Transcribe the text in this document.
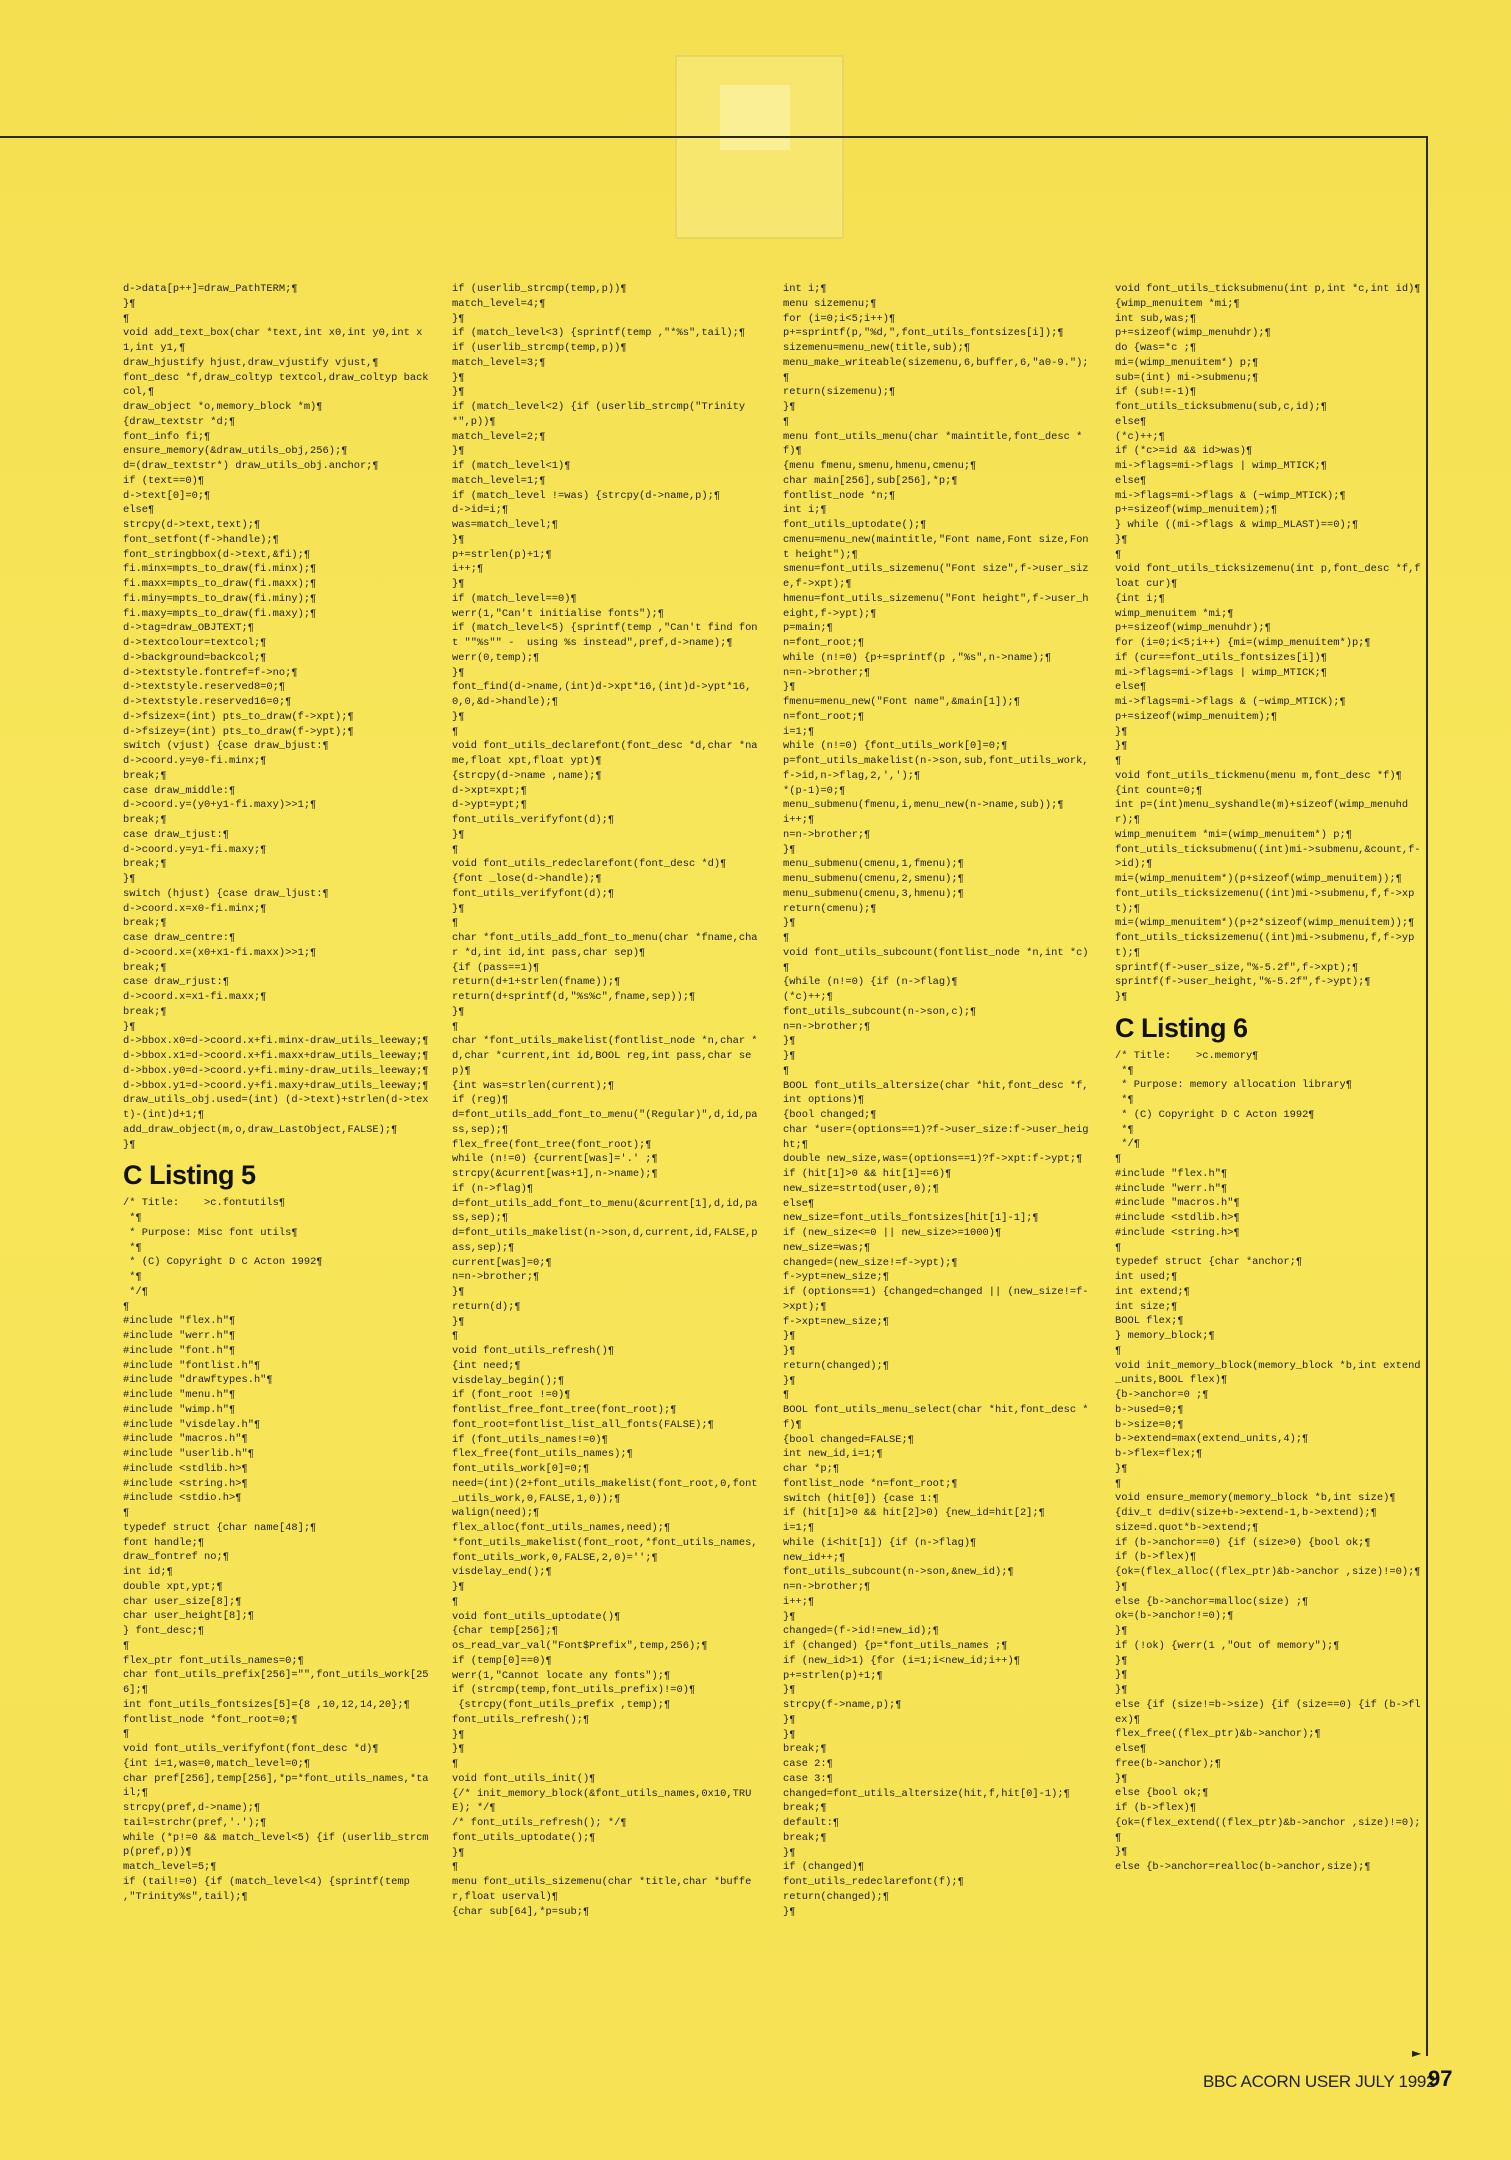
d->data[p++]=draw_PathTERM;¶
}¶
¶
void add_text_box(char *text,int x0,int y0,int x1,int y1,¶
draw_hjustify hjust,draw_vjustify vjust,¶
font_desc *f,draw_coltyp textcol,draw_coltyp backcol,¶
draw_object *o,memory_block *m)¶
{draw_textstr *d;¶
font_info fi;¶
ensure_memory(&draw_utils_obj,256);¶
d=(draw_textstr*) draw_utils_obj.anchor;¶
if (text==0)¶
d->text[0]=0;¶
else¶
strcpy(d->text,text);¶
font_setfont(f->handle);¶
font_stringbbox(d->text,&fi);¶
fi.minx=mpts_to_draw(fi.minx);¶
fi.maxx=mpts_to_draw(fi.maxx);¶
fi.miny=mpts_to_draw(fi.miny);¶
fi.maxy=mpts_to_draw(fi.maxy);¶
d->tag=draw_OBJTEXT;¶
d->textcolour=textcol;¶
d->background=backcol;¶
d->textstyle.fontref=f->no;¶
d->textstyle.reserved8=0;¶
d->textstyle.reserved16=0;¶
d->fsizex=(int) pts_to_draw(f->xpt);¶
d->fsizey=(int) pts_to_draw(f->ypt);¶
switch (vjust) {case draw_bjust:¶
d->coord.y=y0-fi.minx;¶
break;¶
case draw_middle:¶
d->coord.y=(y0+y1-fi.maxy)>>1;¶
break;¶
case draw_tjust:¶
d->coord.y=y1-fi.maxy;¶
break;¶
}¶
switch (hjust) {case draw_ljust:¶
d->coord.x=x0-fi.minx;¶
break;¶
case draw_centre:¶
d->coord.x=(x0+x1-fi.maxx)>>1;¶
break;¶
case draw_rjust:¶
d->coord.x=x1-fi.maxx;¶
break;¶
}¶
d->bbox.x0=d->coord.x+fi.minx-draw_utils_leeway;¶
d->bbox.x1=d->coord.x+fi.maxx+draw_utils_leeway;¶
d->bbox.y0=d->coord.y+fi.miny-draw_utils_leeway;¶
d->bbox.y1=d->coord.y+fi.maxy+draw_utils_leeway;¶
draw_utils_obj.used=(int) (d->text)+strlen(d->text)-(int)d+1;¶
add_draw_object(m,o,draw_LastObject,FALSE);¶
}¶
C Listing 5
/* Title:    >c.fontutils¶
*¶
* Purpose: Misc font utils¶
*¶
* (C) Copyright D C Acton 1992¶
*¶
*/¶
¶
#include "flex.h"¶
#include "werr.h"¶
#include "font.h"¶
#include "fontlist.h"¶
#include "drawftypes.h"¶
#include "menu.h"¶
#include "wimp.h"¶
#include "visdelay.h"¶
#include "macros.h"¶
#include "userlib.h"¶
#include <stdlib.h>¶
#include <string.h>¶
#include <stdio.h>¶
¶
typedef struct {char name[48];¶
font handle;¶
draw_fontref no;¶
int id;¶
double xpt,ypt;¶
char user_size[8];¶
char user_height[8];¶
} font_desc;¶
¶
flex_ptr font_utils_names=0;¶
char font_utils_prefix[256]="",font_utils_work[256];¶
int font_utils_fontsizes[5]={8 ,10,12,14,20};¶
fontlist_node *font_root=0;¶
¶
void font_utils_verifyfont(font_desc *d)¶
{int i=1,was=0,match_level=0;¶
char pref[256],temp[256],*p=*font_utils_names,*tail;¶
strcpy(pref,d->name);¶
tail=strchr(pref,'.');¶
while (*p!=0 && match_level<5) {if (userlib_strcmp(pref,p))¶
match_level=5;¶
if (tail!=0) {if (match_level<4) {sprintf(temp ,"Trinity%s",tail);¶
if (userlib_strcmp(temp,p))¶
match_level=4;¶
}¶
if (match_level<3) {sprintf(temp ,"*%s",tail);¶
if (userlib_strcmp(temp,p))¶
match_level=3;¶
}¶
}¶
if (match_level<2) {if (userlib_strcmp("Trinity*",p))¶
match_level=2;¶
}¶
if (match_level<1)¶
match_level=1;¶
if (match_level !=was) {strcpy(d->name,p);¶
d->id=i;¶
was=match_level;¶
}¶
p+=strlen(p)+1;¶
i++;¶
}¶
if (match_level==0)¶
werr(1,"Can't initialise fonts");¶
if (match_level<5) {sprintf(temp ,"Can't find font ""%s"" -  using %s instead",pref,d->name);¶
werr(0,temp);¶
}¶
font_find(d->name,(int)d->xpt*16,(int)d->ypt*16,0,0,&d->handle);¶
}¶
¶
void font_utils_declarefont(font_desc *d,char *name,float xpt,float ypt)¶
{strcpy(d->name ,name);¶
d->xpt=xpt;¶
d->ypt=ypt;¶
font_utils_verifyfont(d);¶
}¶
¶
void font_utils_redeclarefont(font_desc *d)¶
{font _lose(d->handle);¶
font_utils_verifyfont(d);¶
}¶
¶
char *font_utils_add_font_to_menu(char *fname,char *d,int id,int pass,char sep)¶
{if (pass==1)¶
return(d+1+strlen(fname));¶
return(d+sprintf(d,"%s%c",fname,sep));¶
}¶
¶
char *font_utils_makelist(fontlist_node *n,char *d,char *current,int id,BOOL reg,int pass,char sep)¶
{int was=strlen(current);¶
if (reg)¶
d=font_utils_add_font_to_menu("(Regular)",d,id,pass,sep);¶
flex_free(font_tree(font_root);¶
while (n!=0) {current[was]='.' ;¶
strcpy(&current[was+1],n->name);¶
if (n->flag)¶
d=font_utils_add_font_to_menu(&current[1],d,id,pass,sep);¶
d=font_utils_makelist(n->son,d,current,id,FALSE,pass,sep);¶
current[was]=0;¶
n=n->brother;¶
}¶
return(d);¶
}¶
¶
void font_utils_refresh()¶
{int need;¶
visdelay_begin();¶
if (font_root !=0)¶
fontlist_free_font_tree(font_root);¶
font_root=fontlist_list_all_fonts(FALSE);¶
if (font_utils_names!=0)¶
flex_free(font_utils_names);¶
font_utils_work[0]=0;¶
need=(int)(2+font_utils_makelist(font_root,0,font_utils_work,0,FALSE,1,0));¶
walign(need);¶
flex_alloc(font_utils_names,need);¶
*font_utils_makelist(font_root,*font_utils_names,font_utils_work,0,FALSE,2,0)='';¶
visdelay_end();¶
}¶
¶
void font_utils_uptodate()¶
{char temp[256];¶
os_read_var_val("Font$Prefix",temp,256);¶
if (temp[0]==0)¶
werr(1,"Cannot locate any fonts");¶
if (strcmp(temp,font_utils_prefix)!=0)¶
{strcpy(font_utils_prefix ,temp);¶
font_utils_refresh();¶
}¶
}¶
¶
void font_utils_init()¶
{/* init_memory_block(&font_utils_names,0x10,TRUE); */¶
/* font_utils_refresh(); */¶
font_utils_uptodate();¶
}¶
¶
menu font_utils_sizemenu(char *title,char *buffer,float userval)¶
{char sub[64],*p=sub;¶
int i;¶
menu sizemenu;¶
for (i=0;i<5;i++)¶
p+=sprintf(p,"%d,",font_utils_fontsizes[i]);¶
sizemenu=menu_new(title,sub);¶
menu_make_writeable(sizemenu,6,buffer,6,"a0-9.");¶
return(sizemenu);¶
}¶
¶
menu font_utils_menu(char *maintitle,font_desc *f)¶
{menu fmenu,smenu,hmenu,cmenu;¶
char main[256],sub[256],*p;¶
fontlist_node *n;¶
int i;¶
font_utils_uptodate();¶
cmenu=menu_new(maintitle,"Font name,Font size,Font height");¶
smenu=font_utils_sizemenu("Font size",f->user_size,f->xpt);¶
hmenu=font_utils_sizemenu("Font height",f->user_height,f->ypt);¶
p=main;¶
n=font_root;¶
while (n!=0) {p+=sprintf(p ,"%s",n->name);¶
n=n->brother;¶
}¶
fmenu=menu_new("Font name",&main[1]);¶
n=font_root;¶
i=1;¶
while (n!=0) {font_utils_work[0]=0;¶
p=font_utils_makelist(n->son,sub,font_utils_work,f->id,n->flag,2,',');¶
*(p-1)=0;¶
menu_submenu(fmenu,i,menu_new(n->name,sub));¶
i++;¶
n=n->brother;¶
}¶
menu_submenu(cmenu,1,fmenu);¶
menu_submenu(cmenu,2,smenu);¶
menu_submenu(cmenu,3,hmenu);¶
return(cmenu);¶
}¶
¶
void font_utils_subcount(fontlist_node *n,int *c)¶
{while (n!=0) {if (n->flag)¶
(*c)++;¶
font_utils_subcount(n->son,c);¶
n=n->brother;¶
}¶
}¶
¶
BOOL font_utils_altersize(char *hit,font_desc *f,int options)¶
{bool changed;¶
char *user=(options==1)?f->user_size:f->user_height;¶
double new_size,was=(options==1)?f->xpt:f->ypt;¶
if (hit[1]>0 && hit[1]==6)¶
new_size=strtod(user,0);¶
else¶
new_size=font_utils_fontsizes[hit[1]-1];¶
if (new_size<=0 || new_size>=1000)¶
new_size=was;¶
changed=(new_size!=f->ypt);¶
f->ypt=new_size;¶
if (options==1) {changed=changed || (new_size!=f->xpt);¶
f->xpt=new_size;¶
}¶
}¶
return(changed);¶
}¶
¶
BOOL font_utils_menu_select(char *hit,font_desc *f)¶
{bool changed=FALSE;¶
int new_id,i=1;¶
char *p;¶
fontlist_node *n=font_root;¶
switch (hit[0]) {case 1:¶
if (hit[1]>0 && hit[2]>0) {new_id=hit[2];¶
i=1;¶
while (i<hit[1]) {if (n->flag)¶
new_id++;¶
font_utils_subcount(n->son,&new_id);¶
n=n->brother;¶
i++;¶
}¶
changed=(f->id!=new_id);¶
if (changed) {p=*font_utils_names ;¶
if (new_id>1) {for (i=1;i<new_id;i++)¶
p+=strlen(p)+1;¶
}¶
strcpy(f->name,p);¶
}¶
}¶
break;¶
case 2:¶
case 3:¶
changed=font_utils_altersize(hit,f,hit[0]-1);¶
break;¶
default:¶
break;¶
}¶
if (changed)¶
font_utils_redeclarefont(f);¶
return(changed);¶
}¶
void font_utils_ticksubmenu(int p,int *c,int id)¶
{wimp_menuitem *mi;¶
int sub,was;¶
p+=sizeof(wimp_menuhdr);¶
do {was=*c ;¶
mi=(wimp_menuitem*) p;¶
sub=(int) mi->submenu;¶
if (sub!=-1)¶
font_utils_ticksubmenu(sub,c,id);¶
else¶
(*c)++;¶
if (*c>=id && id>was)¶
mi->flags=mi->flags | wimp_MTICK;¶
else¶
mi->flags=mi->flags & (~wimp_MTICK);¶
p+=sizeof(wimp_menuitem);¶
} while ((mi->flags & wimp_MLAST)==0);¶
}¶
¶
void font_utils_ticksizemenu(int p,font_desc *f,float cur)¶
{int i;¶
wimp_menuitem *mi;¶
p+=sizeof(wimp_menuhdr);¶
for (i=0;i<5;i++) {mi=(wimp_menuitem*)p;¶
if (cur==font_utils_fontsizes[i])¶
mi->flags=mi->flags | wimp_MTICK;¶
else¶
mi->flags=mi->flags & (~wimp_MTICK);¶
p+=sizeof(wimp_menuitem);¶
}¶
}¶
¶
void font_utils_tickmenu(menu m,font_desc *f)¶
{int count=0;¶
int p=(int)menu_syshandle(m)+sizeof(wimp_menuhdr);¶
wimp_menuitem *mi=(wimp_menuitem*) p;¶
font_utils_ticksubmenu((int)mi->submenu,&count,f->id);¶
mi=(wimp_menuitem*)(p+sizeof(wimp_menuitem));¶
font_utils_ticksizemenu((int)mi->submenu,f,f->xpt);¶
mi=(wimp_menuitem*)(p+2*sizeof(wimp_menuitem));¶
font_utils_ticksizemenu((int)mi->submenu,f,f->ypt);¶
sprintf(f->user_size,"%-5.2f",f->xpt);¶
sprintf(f->user_height,"%-5.2f",f->ypt);¶
}¶
C Listing 6
/* Title:    >c.memory¶
*¶
* Purpose: memory allocation library¶
*¶
* (C) Copyright D C Acton 1992¶
*¶
*/¶
¶
#include "flex.h"¶
#include "werr.h"¶
#include "macros.h"¶
#include <stdlib.h>¶
#include <string.h>¶
¶
typedef struct {char *anchor;¶
int used;¶
int extend;¶
int size;¶
BOOL flex;¶
} memory_block;¶
¶
void init_memory_block(memory_block *b,int extend_units,BOOL flex)¶
{b->anchor=0 ;¶
b->used=0;¶
b->size=0;¶
b->extend=max(extend_units,4);¶
b->flex=flex;¶
}¶
¶
void ensure_memory(memory_block *b,int size)¶
{div_t d=div(size+b->extend-1,b->extend);¶
size=d.quot*b->extend;¶
if (b->anchor==0) {if (size>0) {bool ok;¶
if (b->flex)¶
{ok=(flex_alloc((flex_ptr)&b->anchor ,size)!=0);¶
}¶
else {b->anchor=malloc(size) ;¶
ok=(b->anchor!=0);¶
}¶
if (!ok) {werr(1 ,"Out of memory");¶
}¶
}¶
}¶
else {if (size!=b->size) {if (size==0) {if (b->flex)¶
flex_free((flex_ptr)&b->anchor);¶
else¶
free(b->anchor);¶
}¶
else {bool ok;¶
if (b->flex)¶
{ok=(flex_extend((flex_ptr)&b->anchor ,size)!=0);¶
}¶
else {b->anchor=realloc(b->anchor,size);¶
►
BBC ACORN USER JULY 1992
97
